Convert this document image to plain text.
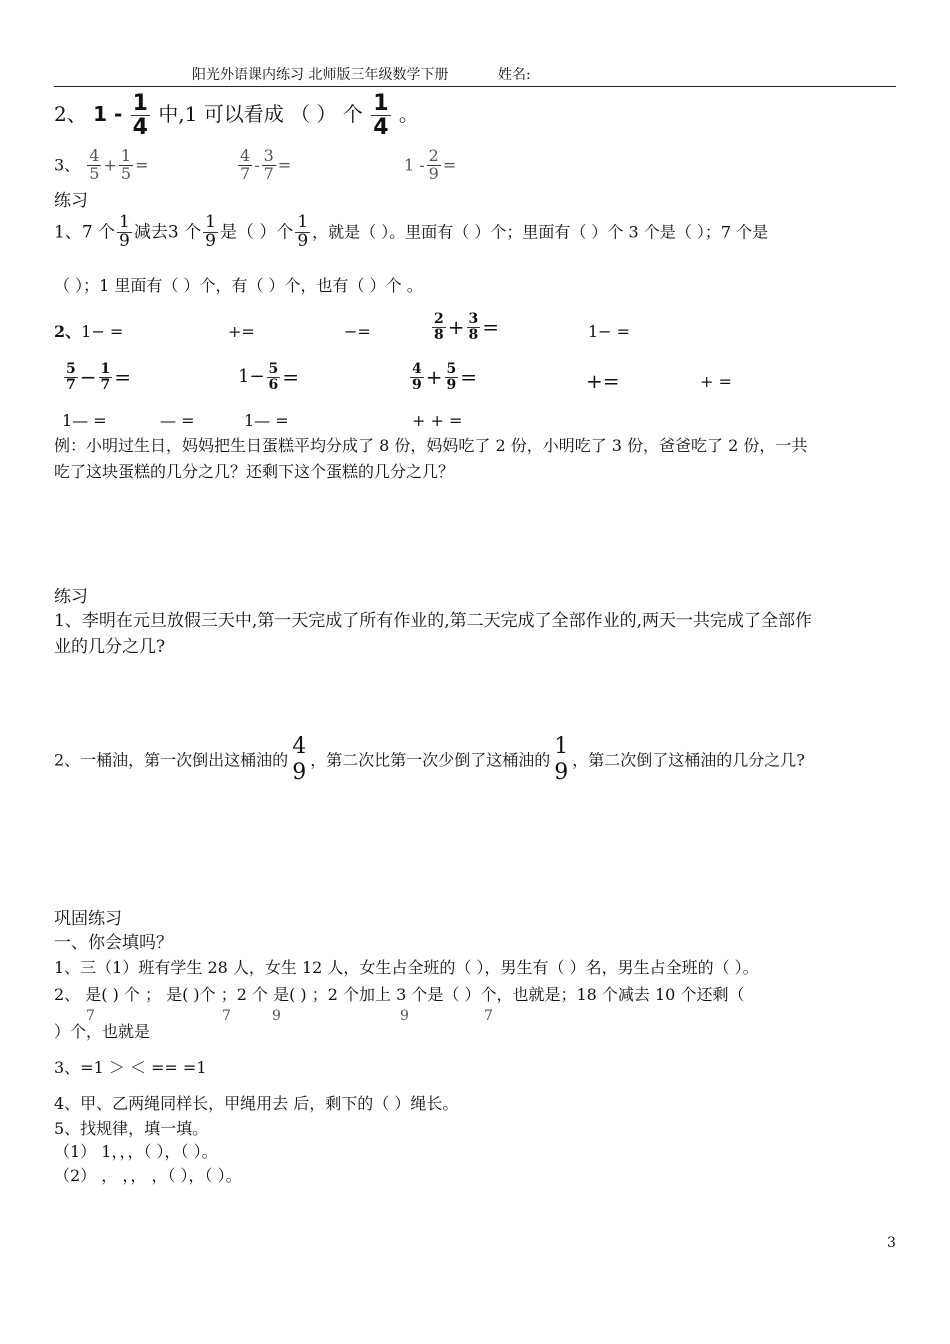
阳光外语课内练习 北师版三年级数学下册	姓名:
2、 $1 - \frac{1}{4}$ 中,1 可以看成 （ ） 个 $\frac{1}{4}$ 。
3、 $\frac{4}{5} + \frac{1}{5}$ =	$\frac{4}{7} - \frac{3}{7}$ =	$1 - \frac{2}{9}$ =
练习
1、7 个 $\frac{1}{9}$ 减去3 个 $\frac{1}{9}$ 是（ ）个 $\frac{1}{9}$ ，就是（ ）。里面有（ ）个；里面有（ ）个 3 个是（ ）；7 个是
（ ）；1 里面有（ ）个，有（ ）个，也有（ ）个 。
2、1− =	+=	−=	$\frac{2}{8} + \frac{3}{8}$ =	1− =
$\frac{5}{7} - \frac{1}{7}$ =	$1- \frac{5}{6}$ =	$\frac{4}{9} + \frac{5}{9}$ =	+=	+ =
1— =	— =	1— =	+ + =
例：小明过生日，妈妈把生日蛋糕平均分成了 8 份，妈妈吃了 2 份，小明吃了 3 份，爸爸吃了 2 份，一共
吃了这块蛋糕的几分之几？还剩下这个蛋糕的几分之几？
练习
1、李明在元旦放假三天中,第一天完成了所有作业的,第二天完成了全部作业的,两天一共完成了全部作
业的几分之几?
2、一桶油，第一次倒出这桶油的
4
9
，第二次比第一次少倒了这桶油的
1
9
，第二次倒了这桶油的几分之几?
巩固练习
一、你会填吗？
1、三（1）班有学生 28 人，女生 12 人，女生占全班的（ ），男生有（ ）名，男生占全班的（ ）。
2、 是( ) 个 ； 是( )个 ；2 个 是( ) ；2 个加上 3 个是（ ）个，也就是；18 个减去 10 个还剩（
7	7	9	9	7
）个，也就是
3、=1 ＞ ＜ == =1
4、甲、乙两绳同样长，甲绳用去 后，剩下的（ ）绳长。
5、找规律，填一填。
（1） 1，，，（ ），（ ）。
（2） ， ，， ，（ ），（ ）。
3
